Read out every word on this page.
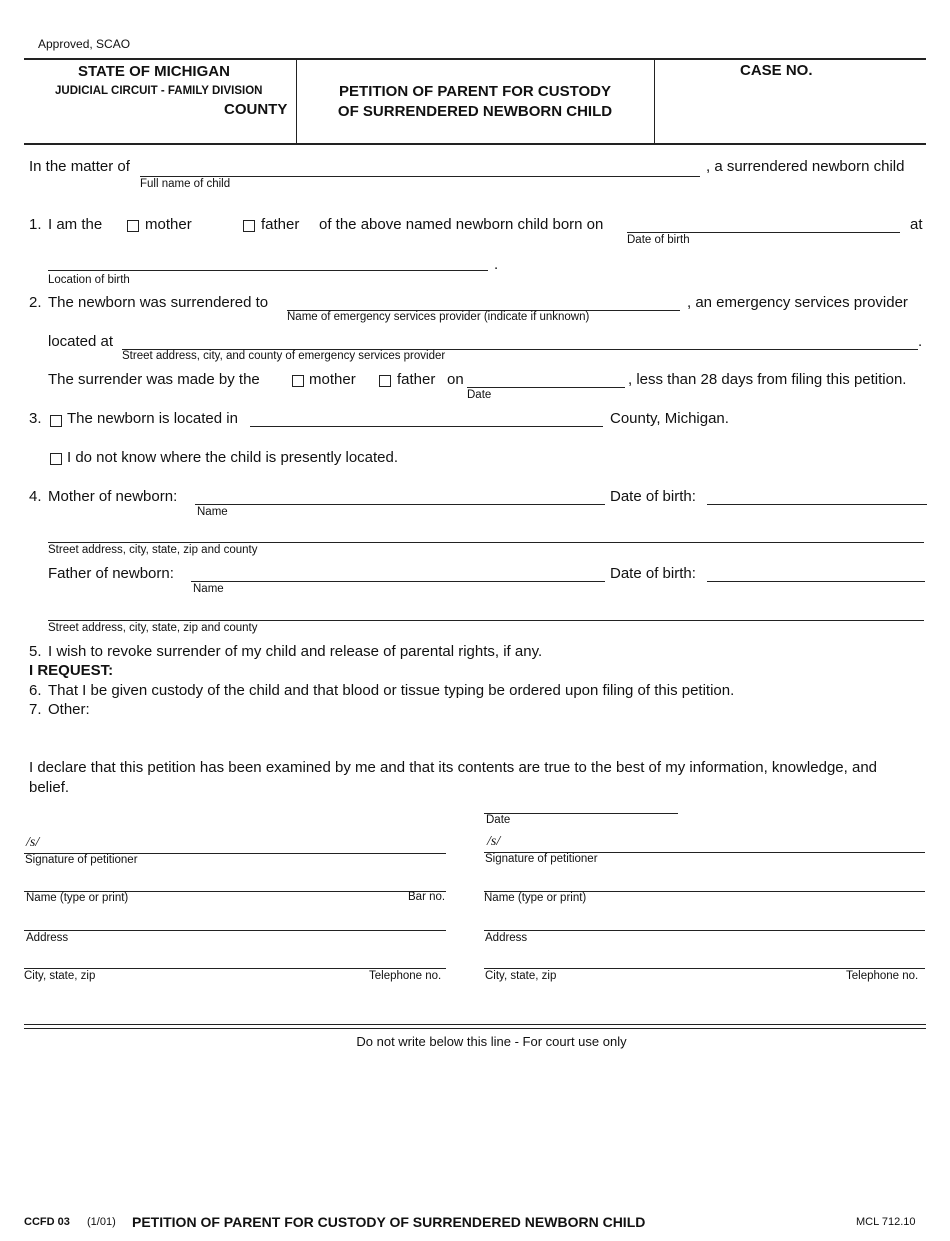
Approved, SCAO
STATE OF MICHIGAN
JUDICIAL CIRCUIT - FAMILY DIVISION
COUNTY
PETITION OF PARENT FOR CUSTODY
OF SURRENDERED NEWBORN CHILD
CASE NO.
In the matter of	, a surrendered newborn child
Full name of child
1. I am the	mother	father of the above named newborn child born on	at
Date of birth
.
Location of birth
2. The newborn was surrendered to	, an emergency services provider
Name of emergency services provider (indicate if unknown)
located at	.
Street address, city, and county of emergency services provider
The surrender was made by the	mother	father on	, less than 28 days from filing this petition.
Date
3. The newborn is located in	County, Michigan.
I do not know where the child is presently located.
4. Mother of newborn:	Date of birth:
Name
Street address, city, state, zip and county
Father of newborn:	Date of birth:
Name
Street address, city, state, zip and county
5. I wish to revoke surrender of my child and release of parental rights, if any.
I REQUEST:
6. That I be given custody of the child and that blood or tissue typing be ordered upon filing of this petition.
7. Other:
I declare that this petition has been examined by me and that its contents are true to the best of my information, knowledge, and
belief.
/s/
Signature of petitioner
Name (type or print)	Bar no.
Address
City, state, zip	Telephone no.
Date
/s/
Signature of petitioner
Name (type or print)
Address
City, state, zip	Telephone no.
Do not write below this line - For court use only
CCFD 03 (1/01) PETITION OF PARENT FOR CUSTODY OF SURRENDERED NEWBORN CHILD	MCL 712.10
